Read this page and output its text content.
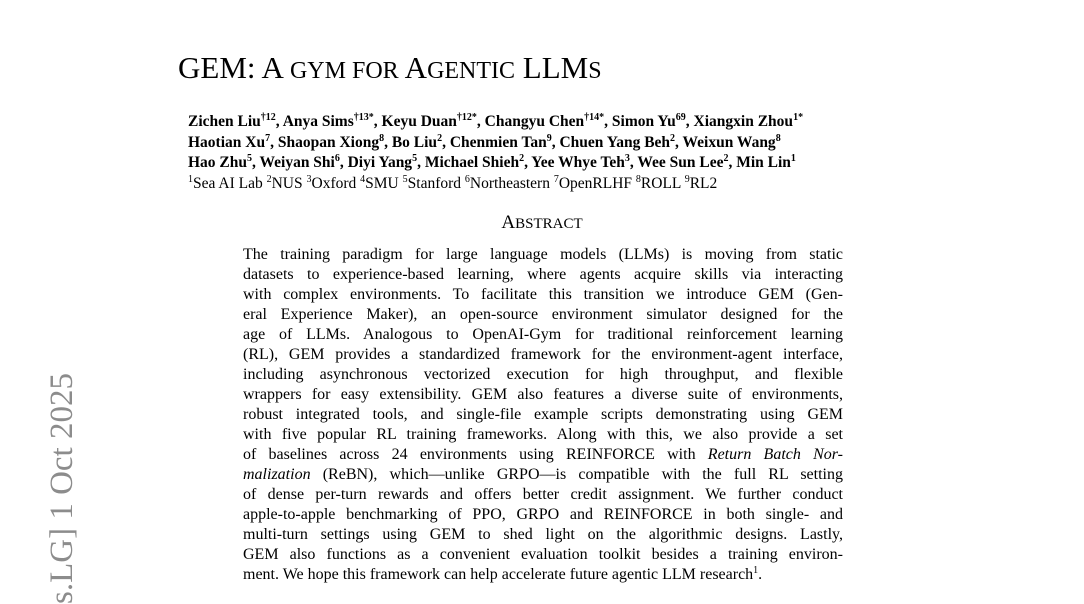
GEM: A GYM FOR AGENTIC LLMS
Zichen Liu$^{\dagger 12}$, Anya Sims$^{\dagger 13*}$, Keyu Duan$^{\dagger 12*}$, Changyu Chen$^{\dagger 14*}$, Simon Yu$^{69}$, Xiangxin Zhou$^{1*}$
Haotian Xu$^7$, Shaopan Xiong$^8$, Bo Liu$^2$, Chenmien Tan$^9$, Chuen Yang Beh$^2$, Weixun Wang$^8$
Hao Zhu$^5$, Weiyan Shi$^6$, Diyi Yang$^5$, Michael Shieh$^2$, Yee Whye Teh$^3$, Wee Sun Lee$^2$, Min Lin$^1$
$^1$Sea AI Lab $^2$NUS $^3$Oxford $^4$SMU $^5$Stanford $^6$Northeastern $^7$OpenRLHF $^8$ROLL $^9$RL2
ABSTRACT
The training paradigm for large language models (LLMs) is moving from static
datasets to experience-based learning, where agents acquire skills via interacting
with complex environments. To facilitate this transition we introduce GEM (Gen-
eral Experience Maker), an open-source environment simulator designed for the
age of LLMs. Analogous to OpenAI-Gym for traditional reinforcement learning
(RL), GEM provides a standardized framework for the environment-agent interface,
including asynchronous vectorized execution for high throughput, and flexible
wrappers for easy extensibility. GEM also features a diverse suite of environments,
robust integrated tools, and single-file example scripts demonstrating using GEM
with five popular RL training frameworks. Along with this, we also provide a set
of baselines across 24 environments using REINFORCE with Return Batch Nor-
malization (ReBN), which—unlike GRPO—is compatible with the full RL setting
of dense per-turn rewards and offers better credit assignment. We further conduct
apple-to-apple benchmarking of PPO, GRPO and REINFORCE in both single- and
multi-turn settings using GEM to shed light on the algorithmic designs. Lastly,
GEM also functions as a convenient evaluation toolkit besides a training environ-
ment. We hope this framework can help accelerate future agentic LLM research$^1$.
s.LG] 1 Oct 2025
